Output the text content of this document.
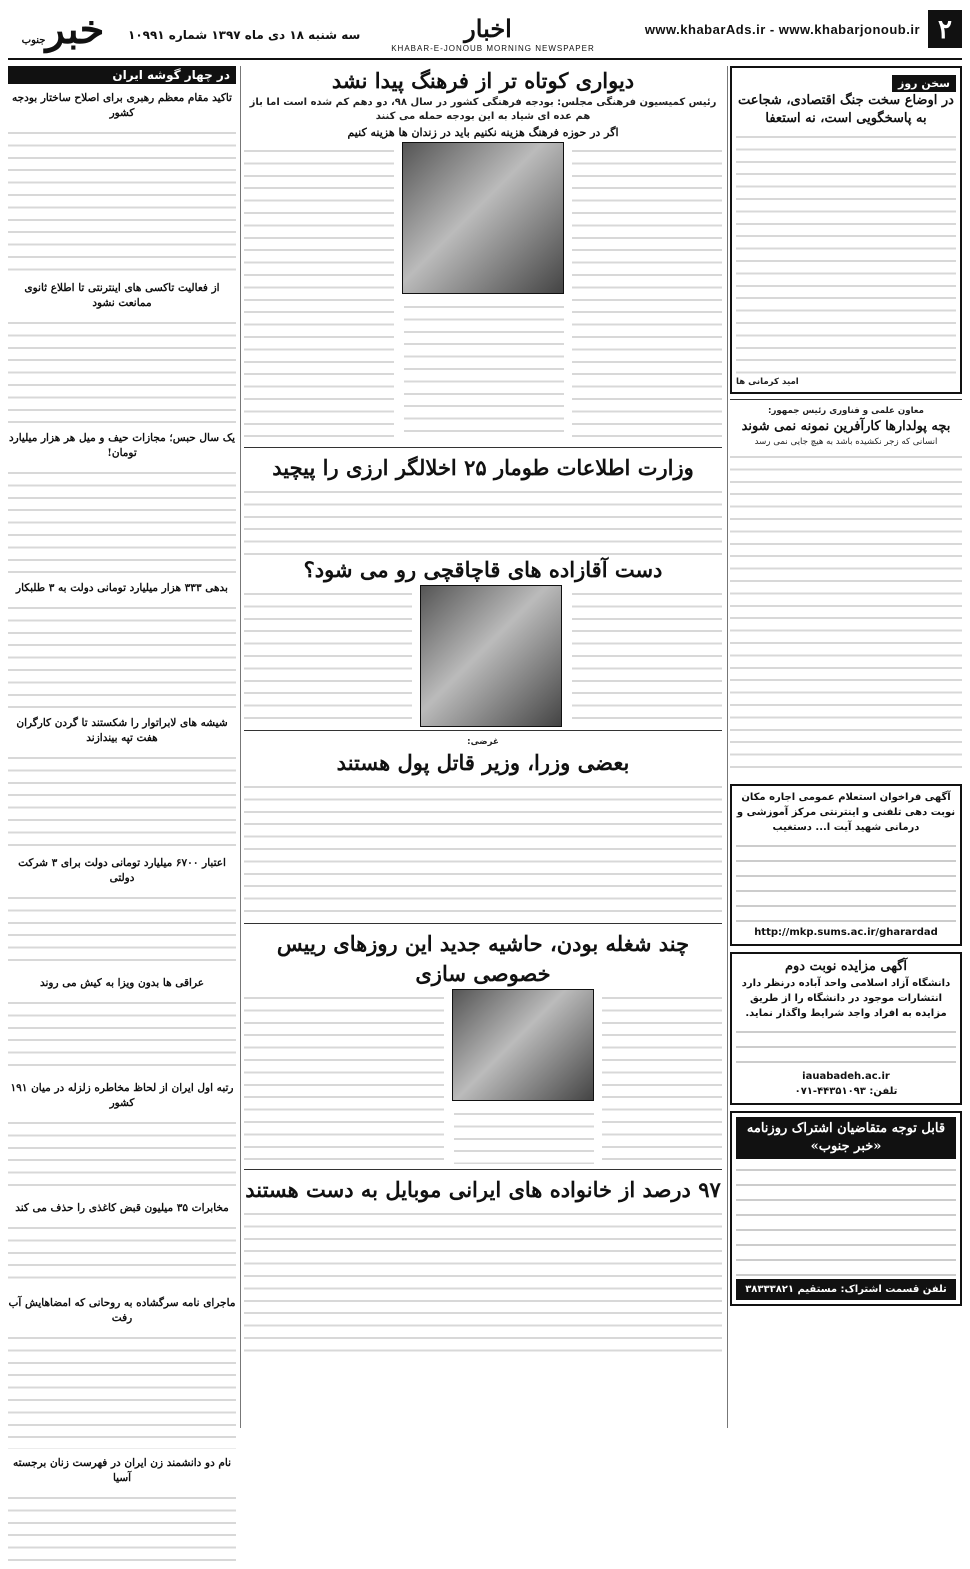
۲
www.khabarAds.ir - www.khabarjonoub.ir
اخبار
KHABAR-E-JONOUB MORNING NEWSPAPER
سه شنبه ۱۸ دی ماه ۱۳۹۷ شماره ۱۰۹۹۱
خبرجنوب
سخن روز
در اوضاع سخت جنگ اقتصادی، شجاعت به پاسخگویی است، نه استعفا
امید کرمانی ها
معاون علمی و فناوری رئیس جمهور:
بچه پولدارها کارآفرین نمونه نمی شوند
انسانی که زجر نکشیده باشد به هیچ جایی نمی رسد
آگهی فراخوان استعلام عمومی اجاره مکان نوبت دهی تلفنی و اینترنتی مرکز آموزشی و درمانی شهید آیت ا... دستغیب
http://mkp.sums.ac.ir/gharardad
آگهی مزایده نوبت دوم
دانشگاه آزاد اسلامی واحد آباده درنظر دارد انتشارات موجود در دانشگاه را از طریق مزایده به افراد واجد شرایط واگذار نماید.
iauabadeh.ac.ir
تلفن: ۴۴۳۵۱۰۹۳-۰۷۱
قابل توجه متقاضیان اشتراک روزنامه «خبر جنوب»
تلفن قسمت اشتراک: مستقیم ۳۸۳۳۳۸۲۱
دیواری کوتاه تر از فرهنگ پیدا نشد
رئیس کمیسیون فرهنگی مجلس: بودجه فرهنگی کشور در سال ۹۸، دو دهم کم شده است اما باز هم عده ای شیاد به این بودجه حمله می کنند
اگر در حوزه فرهنگ هزینه نکنیم باید در زندان ها هزینه کنیم
وزارت اطلاعات طومار ۲۵ اخلالگر ارزی را پیچید
دست آقازاده های قاچاقچی رو می شود؟
غرضی:
بعضی وزرا، وزیر قاتل پول هستند
چند شغله بودن، حاشیه جدید این روزهای رییس خصوصی سازی
۹۷ درصد از خانواده های ایرانی موبایل به دست هستند
در چهار گوشه ایران
تاکید مقام معظم رهبری برای اصلاح ساختار بودجه کشور
از فعالیت تاکسی های اینترنتی تا اطلاع ثانوی ممانعت نشود
یک سال حبس؛ مجازات حیف و میل هر هزار میلیارد تومان!
بدهی ۳۳۳ هزار میلیارد تومانی دولت به ۳ طلبکار
شیشه های لابراتوار را شکستند تا گردن کارگران هفت تپه بیندازند
اعتبار ۶۷۰۰ میلیارد تومانی دولت برای ۳ شرکت دولتی
عراقی ها بدون ویزا به کیش می روند
رتبه اول ایران از لحاظ مخاطره زلزله در میان ۱۹۱ کشور
مخابرات ۳۵ میلیون قبض کاغذی را حذف می کند
ماجرای نامه سرگشاده به روحانی که امضاهایش آب رفت
نام دو دانشمند زن ایران در فهرست زنان برجسته آسیا
